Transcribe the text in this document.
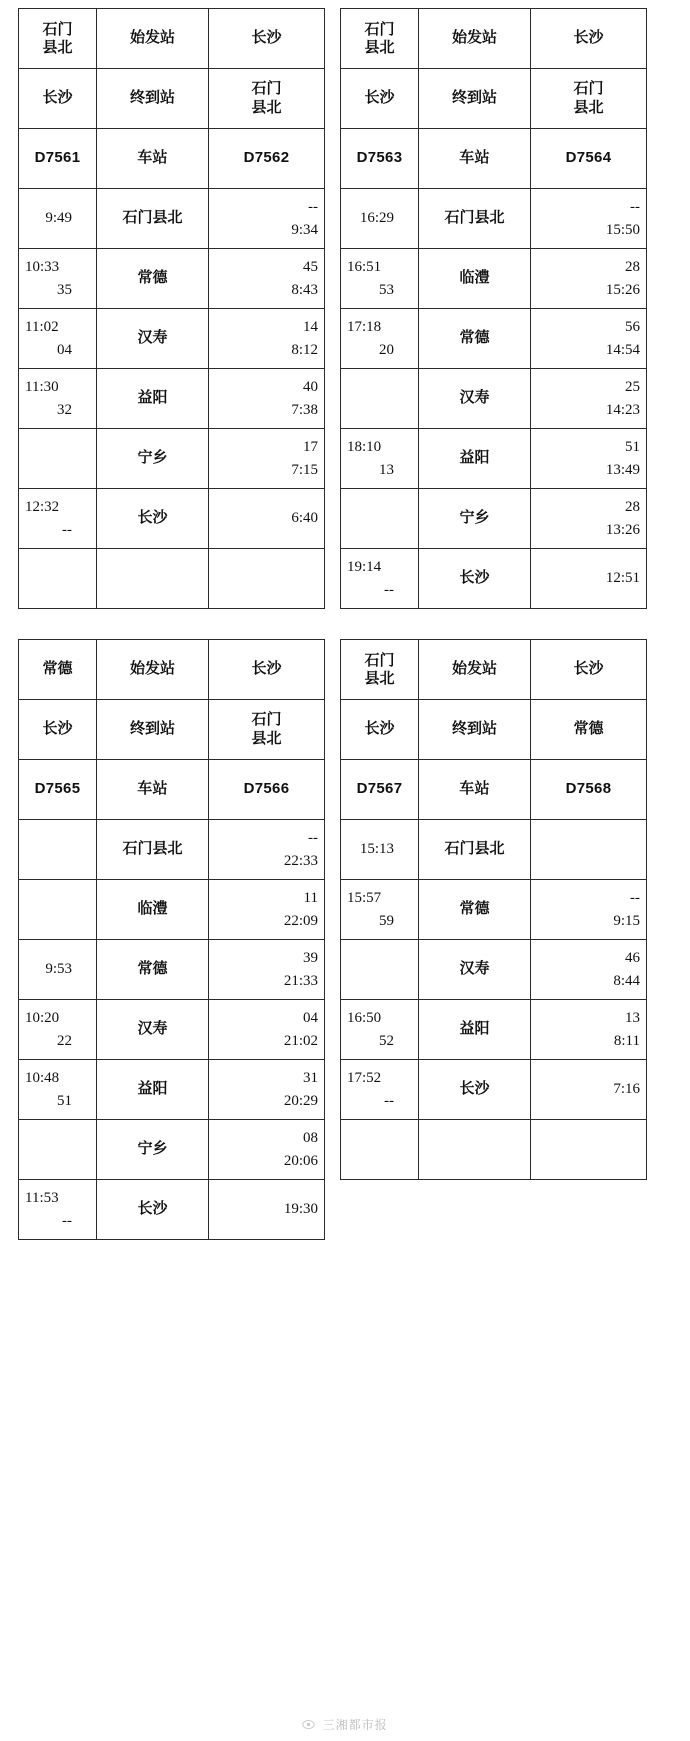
石门
县北	始发站	长沙
长沙	终到站	石门
县北
D7561	车站	D7562

9:49	石门县北	--
9:34

10:33
35	常德	45
8:43

11:02
04	汉寿	14
8:12

11:30
32	益阳	40
7:38

	宁乡	17
7:15

12:32
--	长沙	6:40

石门
县北	始发站	长沙
长沙	终到站	石门
县北
D7563	车站	D7564

16:29	石门县北	--
15:50

16:51
53	临澧	28
15:26

17:18
20	常德	56
14:54

	汉寿	25
14:23

18:10
13	益阳	51
13:49

	宁乡	28
13:26

19:14
--	长沙	12:51
常德	始发站	长沙
长沙	终到站	石门
县北
D7565	车站	D7566

	石门县北	--
22:33

	临澧	11
22:09

9:53	常德	39
21:33

10:20
22	汉寿	04
21:02

10:48
51	益阳	31
20:29

	宁乡	08
20:06

11:53
--	长沙	19:30
石门
县北	始发站	长沙
长沙	终到站	常德
D7567	车站	D7568

15:13	石门县北	

15:57
59	常德	--
9:15

	汉寿	46
8:44

16:50
52	益阳	13
8:11

17:52
--	长沙	7:16

三湘都市报
